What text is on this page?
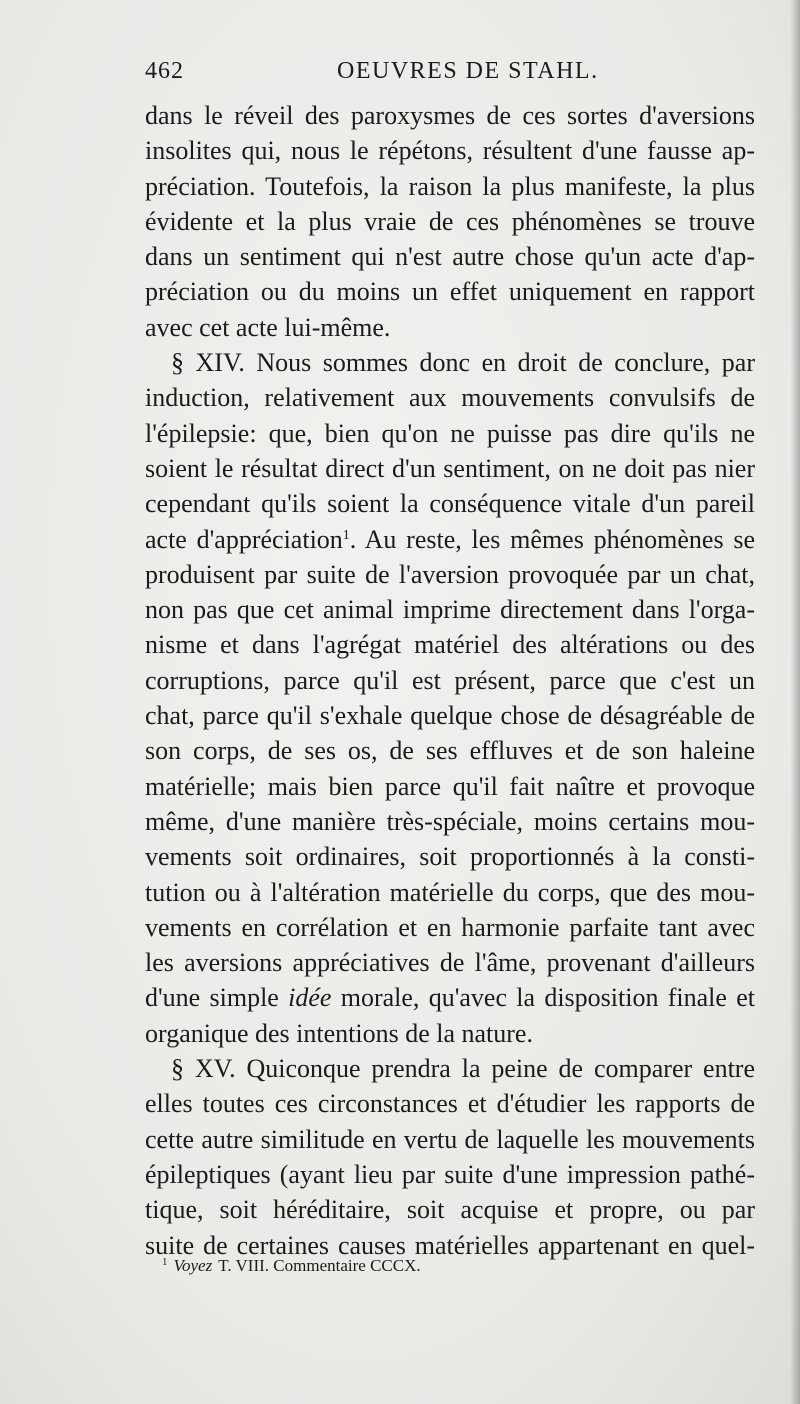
462	OEUVRES DE STAHL.
dans le réveil des paroxysmes de ces sortes d'aversions
insolites qui, nous le répétons, résultent d'une fausse ap-
préciation. Toutefois, la raison la plus manifeste, la plus
évidente et la plus vraie de ces phénomènes se trouve
dans un sentiment qui n'est autre chose qu'un acte d'ap-
préciation ou du moins un effet uniquement en rapport
avec cet acte lui-même.
§ XIV. Nous sommes donc en droit de conclure, par
induction, relativement aux mouvements convulsifs de
l'épilepsie: que, bien qu'on ne puisse pas dire qu'ils ne
soient le résultat direct d'un sentiment, on ne doit pas nier
cependant qu'ils soient la conséquence vitale d'un pareil
acte d'appréciation$^1$. Au reste, les mêmes phénomènes se
produisent par suite de l'aversion provoquée par un chat,
non pas que cet animal imprime directement dans l'orga-
nisme et dans l'agrégat matériel des altérations ou des
corruptions, parce qu'il est présent, parce que c'est un
chat, parce qu'il s'exhale quelque chose de désagréable de
son corps, de ses os, de ses effluves et de son haleine
matérielle; mais bien parce qu'il fait naître et provoque
même, d'une manière très-spéciale, moins certains mou-
vements soit ordinaires, soit proportionnés à la consti-
tution ou à l'altération matérielle du corps, que des mou-
vements en corrélation et en harmonie parfaite tant avec
les aversions appréciatives de l'âme, provenant d'ailleurs
d'une simple idée morale, qu'avec la disposition finale et
organique des intentions de la nature.
§ XV. Quiconque prendra la peine de comparer entre
elles toutes ces circonstances et d'étudier les rapports de
cette autre similitude en vertu de laquelle les mouvements
épileptiques (ayant lieu par suite d'une impression pathé-
tique, soit héréditaire, soit acquise et propre, ou par
suite de certaines causes matérielles appartenant en quel-
$^1$ Voyez T. VIII. Commentaire CCCX.
